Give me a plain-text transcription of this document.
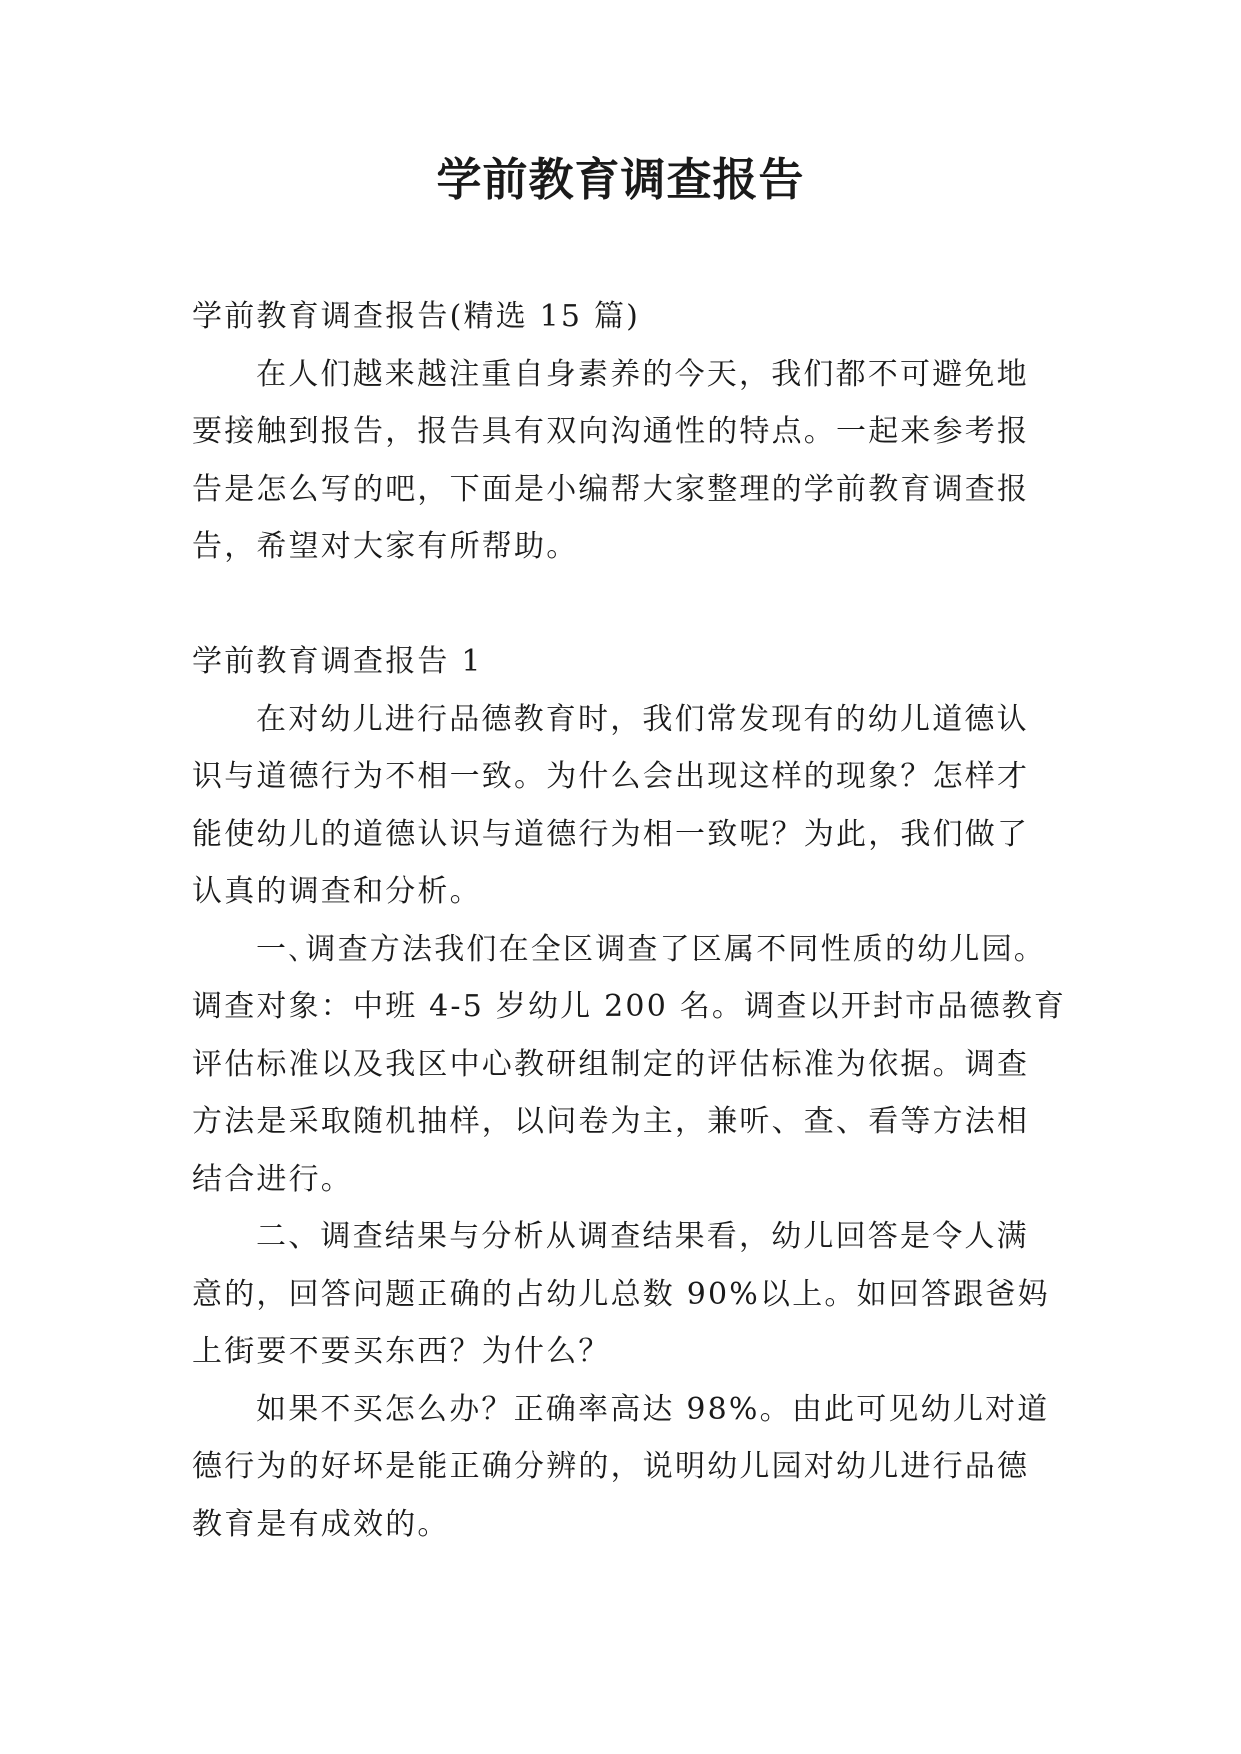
学前教育调查报告
学前教育调查报告(精选 15 篇)
在人们越来越注重自身素养的今天，我们都不可避免地
要接触到报告，报告具有双向沟通性的特点。一起来参考报
告是怎么写的吧，下面是小编帮大家整理的学前教育调查报
告，希望对大家有所帮助。
学前教育调查报告 1
在对幼儿进行品德教育时，我们常发现有的幼儿道德认
识与道德行为不相一致。为什么会出现这样的现象？怎样才
能使幼儿的道德认识与道德行为相一致呢？为此，我们做了
认真的调查和分析。
一､调查方法我们在全区调查了区属不同性质的幼儿园。
调查对象：中班 4-5 岁幼儿 200 名。调查以开封市品德教育
评估标准以及我区中心教研组制定的评估标准为依据。调查
方法是采取随机抽样，以问卷为主，兼听、查、看等方法相
结合进行。
二、调查结果与分析从调查结果看，幼儿回答是令人满
意的，回答问题正确的占幼儿总数 90%以上。如回答跟爸妈
上街要不要买东西？为什么？
如果不买怎么办？正确率高达 98%。由此可见幼儿对道
德行为的好坏是能正确分辨的，说明幼儿园对幼儿进行品德
教育是有成效的。
